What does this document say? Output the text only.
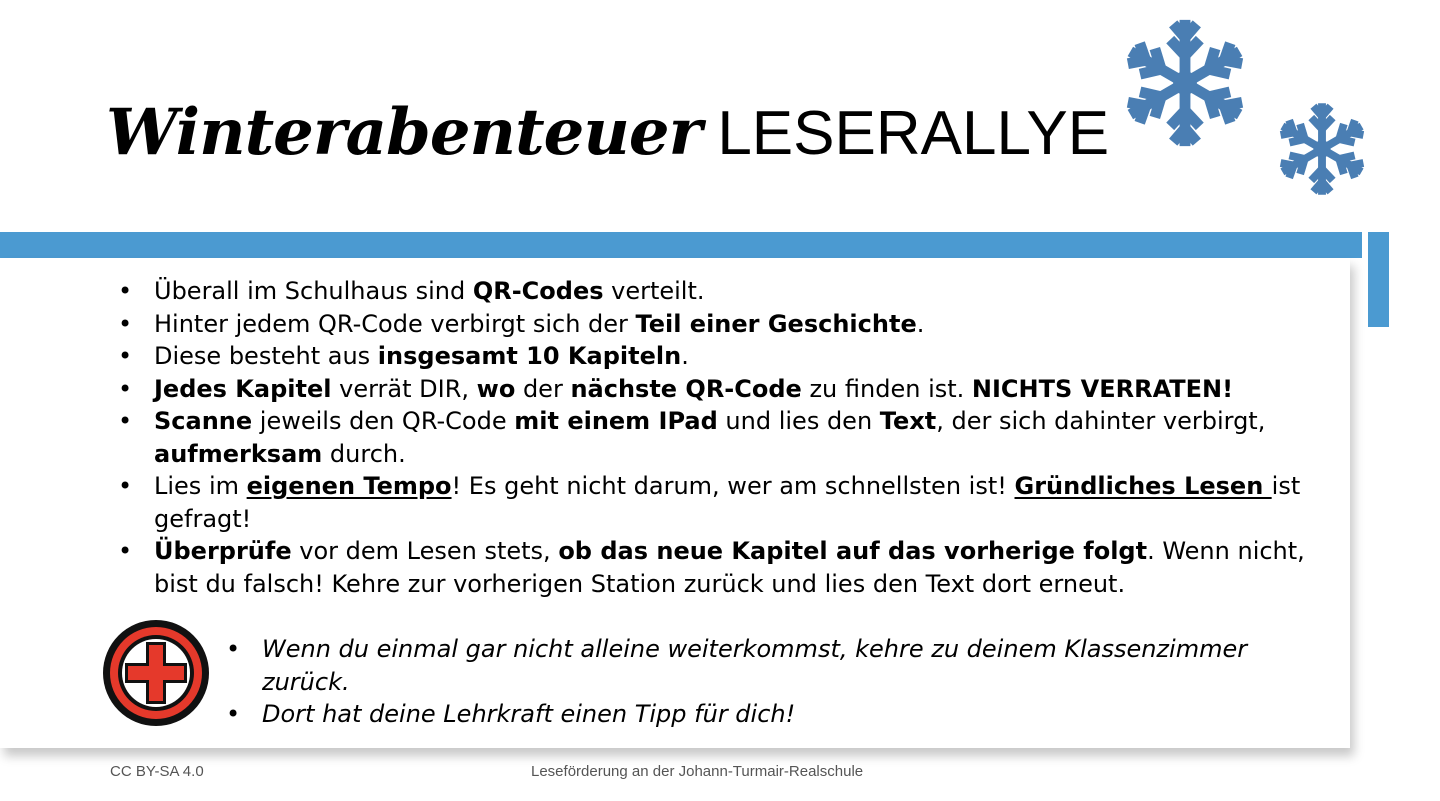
Winterabenteuer LESERALLYE
• Überall im Schulhaus sind QR-Codes verteilt.
• Hinter jedem QR-Code verbirgt sich der Teil einer Geschichte.
• Diese besteht aus insgesamt 10 Kapiteln.
• Jedes Kapitel verrät DIR, wo der nächste QR-Code zu finden ist. NICHTS VERRATEN!
• Scanne jeweils den QR-Code mit einem IPad und lies den Text, der sich dahinter verbirgt, aufmerksam durch.
• Lies im eigenen Tempo! Es geht nicht darum, wer am schnellsten ist! Gründliches Lesen ist gefragt!
• Überprüfe vor dem Lesen stets, ob das neue Kapitel auf das vorherige folgt. Wenn nicht, bist du falsch! Kehre zur vorherigen Station zurück und lies den Text dort erneut.
• Wenn du einmal gar nicht alleine weiterkommst, kehre zu deinem Klassenzimmer zurück.
• Dort hat deine Lehrkraft einen Tipp für dich!
CC BY-SA 4.0	Leseförderung an der Johann-Turmair-Realschule
